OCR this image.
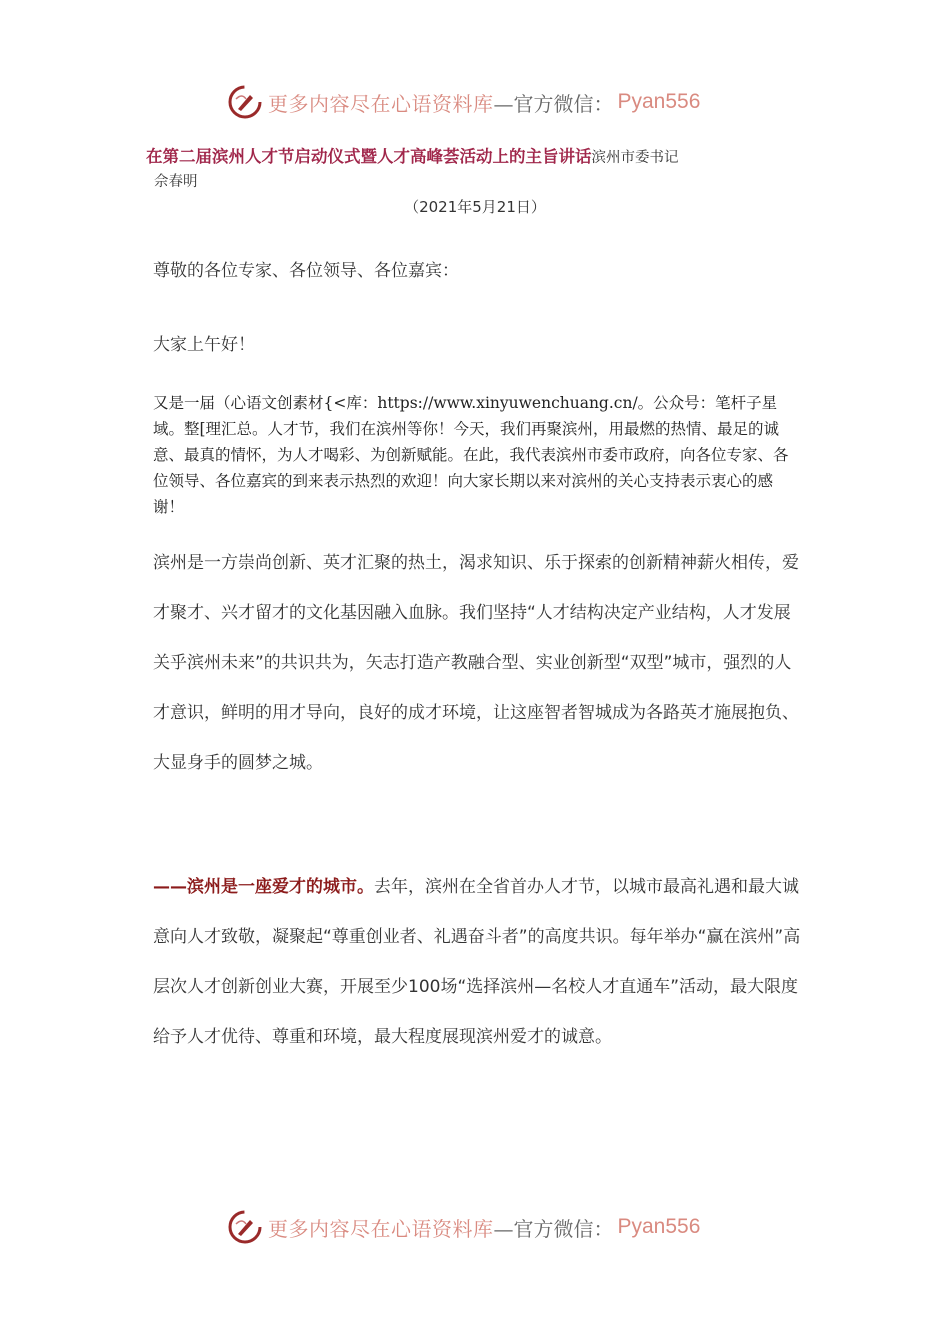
更多内容尽在心语资料库 —官方微信： Pyan556
在第二届滨州人才节启动仪式暨人才高峰荟活动上的主旨讲话滨州市委书记
佘春明
（2021年5月21日）
尊敬的各位专家、各位领导、各位嘉宾：
大家上午好！
又是一届（心语文创素材{<库：https://www.xinyuwenchuang.cn/。公众号：笔杆子星域。整[理汇总。人才节，我们在滨州等你！今天，我们再聚滨州，用最燃的热情、最足的诚意、最真的情怀，为人才喝彩、为创新赋能。在此，我代表滨州市委市政府，向各位专家、各位领导、各位嘉宾的到来表示热烈的欢迎！向大家长期以来对滨州的关心支持表示衷心的感谢！
滨州是一方崇尚创新、英才汇聚的热土，渴求知识、乐于探索的创新精神薪火相传，爱才聚才、兴才留才的文化基因融入血脉。我们坚持“人才结构决定产业结构，人才发展关乎滨州未来”的共识共为，矢志打造产教融合型、实业创新型“双型”城市，强烈的人才意识，鲜明的用才导向，良好的成才环境，让这座智者智城成为各路英才施展抱负、大显身手的圆梦之城。
——滨州是一座爱才的城市。去年，滨州在全省首办人才节，以城市最高礼遇和最大诚意向人才致敬，凝聚起“尊重创业者、礼遇奋斗者”的高度共识。每年举办“赢在滨州”高层次人才创新创业大赛，开展至少100场“选择滨州—名校人才直通车”活动，最大限度给予人才优待、尊重和环境，最大程度展现滨州爱才的诚意。
更多内容尽在心语资料库 —官方微信： Pyan556
